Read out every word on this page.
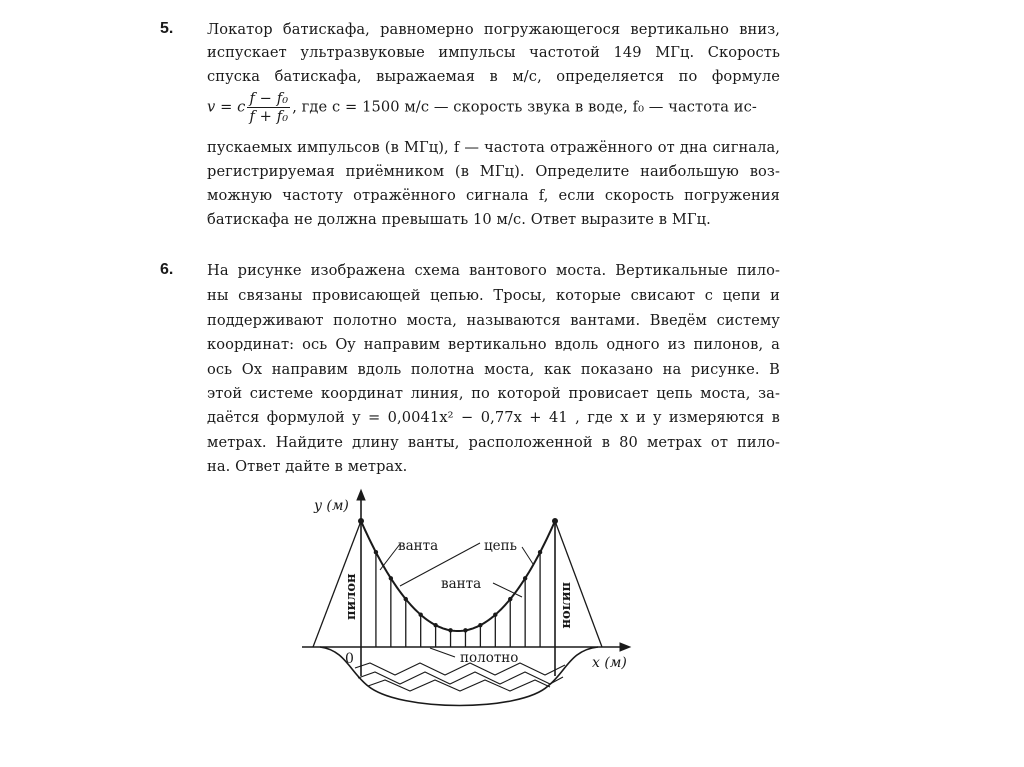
5. Локатор батискафа, равномерно погружающегося вертикально вниз,
испускает ультразвуковые импульсы частотой 149 МГц. Скорость
спуска батискафа, выражаемая в м/с, определяется по формуле
v = c $\frac{\text{f − f₀}}{\text{f + f₀}}$ , где c = 1500 м/с — скорость звука в воде, f₀ — частота ис-
пускаемых импульсов (в МГц), f — частота отражённого от дна сигнала,
регистрируемая приёмником (в МГц). Определите наибольшую воз-
можную частоту отражённого сигнала f, если скорость погружения
батискафа не должна превышать 10 м/с. Ответ выразите в МГц.
6. На рисунке изображена схема вантового моста. Вертикальные пило-
ны связаны провисающей цепью. Тросы, которые свисают с цепи и
поддерживают полотно моста, называются вантами. Введём систему
координат: ось Oy направим вертикально вдоль одного из пилонов, а
ось Ox направим вдоль полотна моста, как показано на рисунке. В
этой системе координат линия, по которой провисает цепь моста, за-
даётся формулой y = 0,0041x² − 0,77x + 41 , где x и y измеряются в
метрах. Найдите длину ванты, расположенной в 80 метрах от пило-
на. Ответ дайте в метрах.
y (м)
0	x (м)
ванта	цепь
ванта
полотно
пилон	пилон
